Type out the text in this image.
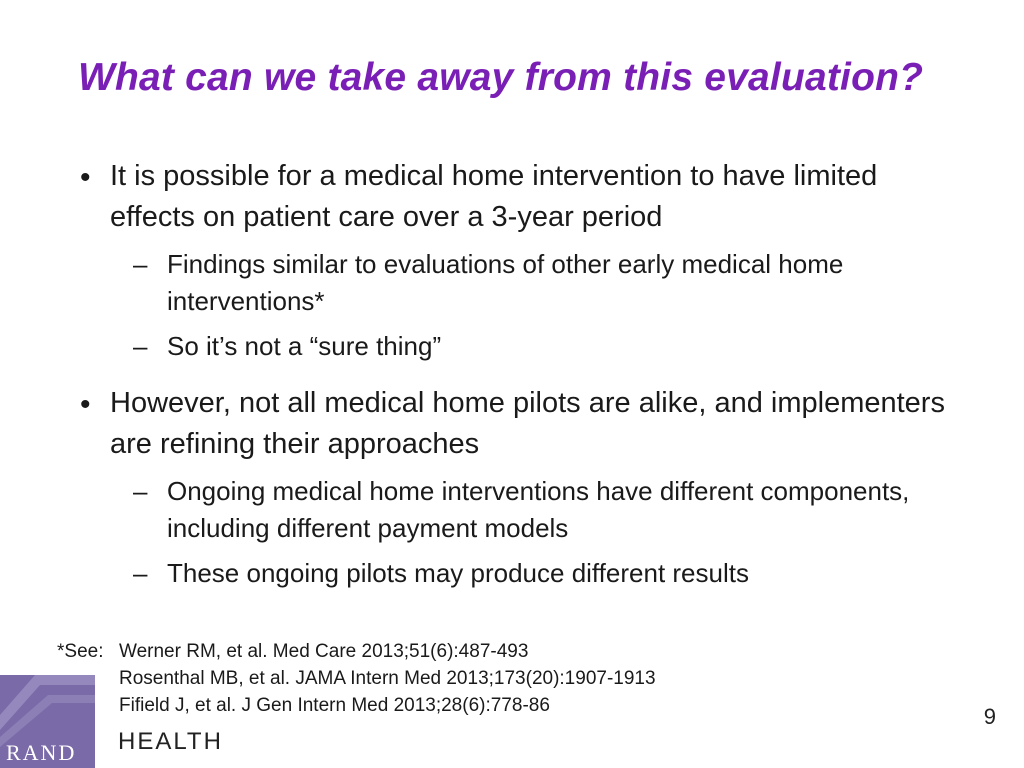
What can we take away from this evaluation?
• It is possible for a medical home intervention to have limited effects on patient care over a 3-year period
– Findings similar to evaluations of other early medical home interventions*
– So it’s not a “sure thing”
• However, not all medical home pilots are alike, and implementers are refining their approaches
– Ongoing medical home interventions have different components, including different payment models
– These ongoing pilots may produce different results
*See: Werner RM, et al. Med Care 2013;51(6):487-493
Rosenthal MB, et al. JAMA Intern Med 2013;173(20):1907-1913
Fifield J, et al. J Gen Intern Med 2013;28(6):778-86
RAND HEALTH
9
